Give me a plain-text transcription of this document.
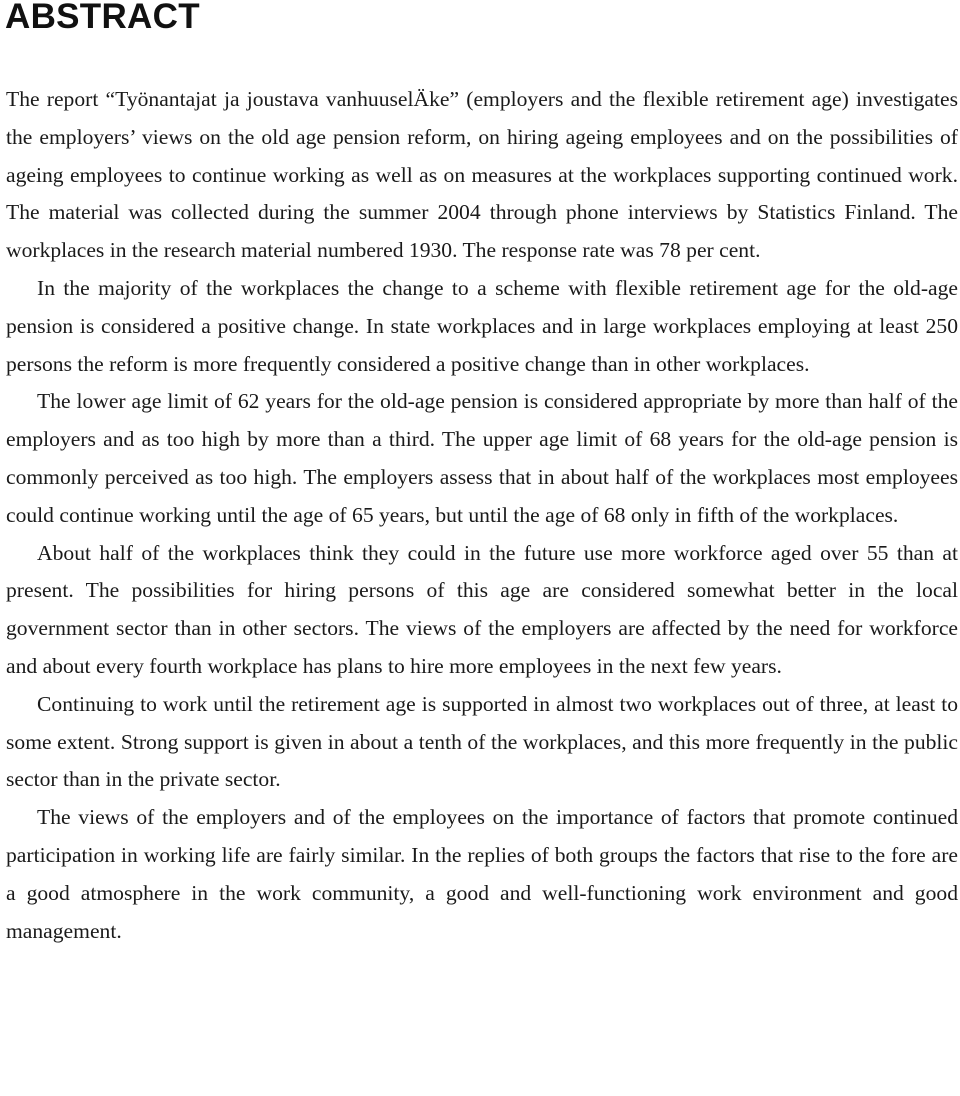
ABSTRACT

The report “Työnantajat ja joustava vanhuuselÄke” (employers and the flexible retirement age) investigates the employers’ views on the old age pension reform, on hiring ageing employees and on the possibilities of ageing employees to continue working as well as on measures at the workplaces supporting continued work. The material was collected during the summer 2004 through phone interviews by Statistics Finland. The workplaces in the research material numbered 1930. The response rate was 78 per cent.

In the majority of the workplaces the change to a scheme with flexible retirement age for the old-age pension is considered a positive change. In state workplaces and in large workplaces employing at least 250 persons the reform is more frequently considered a positive change than in other workplaces.

The lower age limit of 62 years for the old-age pension is considered appropriate by more than half of the employers and as too high by more than a third. The upper age limit of 68 years for the old-age pension is commonly perceived as too high. The employers assess that in about half of the workplaces most employees could continue working until the age of 65 years, but until the age of 68 only in fifth of the workplaces.

About half of the workplaces think they could in the future use more workforce aged over 55 than at present. The possibilities for hiring persons of this age are considered somewhat better in the local government sector than in other sectors. The views of the employers are affected by the need for workforce and about every fourth workplace has plans to hire more employees in the next few years.

Continuing to work until the retirement age is supported in almost two workplaces out of three, at least to some extent. Strong support is given in about a tenth of the workplaces, and this more frequently in the public sector than in the private sector.

The views of the employers and of the employees on the importance of factors that promote continued participation in working life are fairly similar. In the replies of both groups the factors that rise to the fore are a good atmosphere in the work community, a good and well-functioning work environment and good management.
